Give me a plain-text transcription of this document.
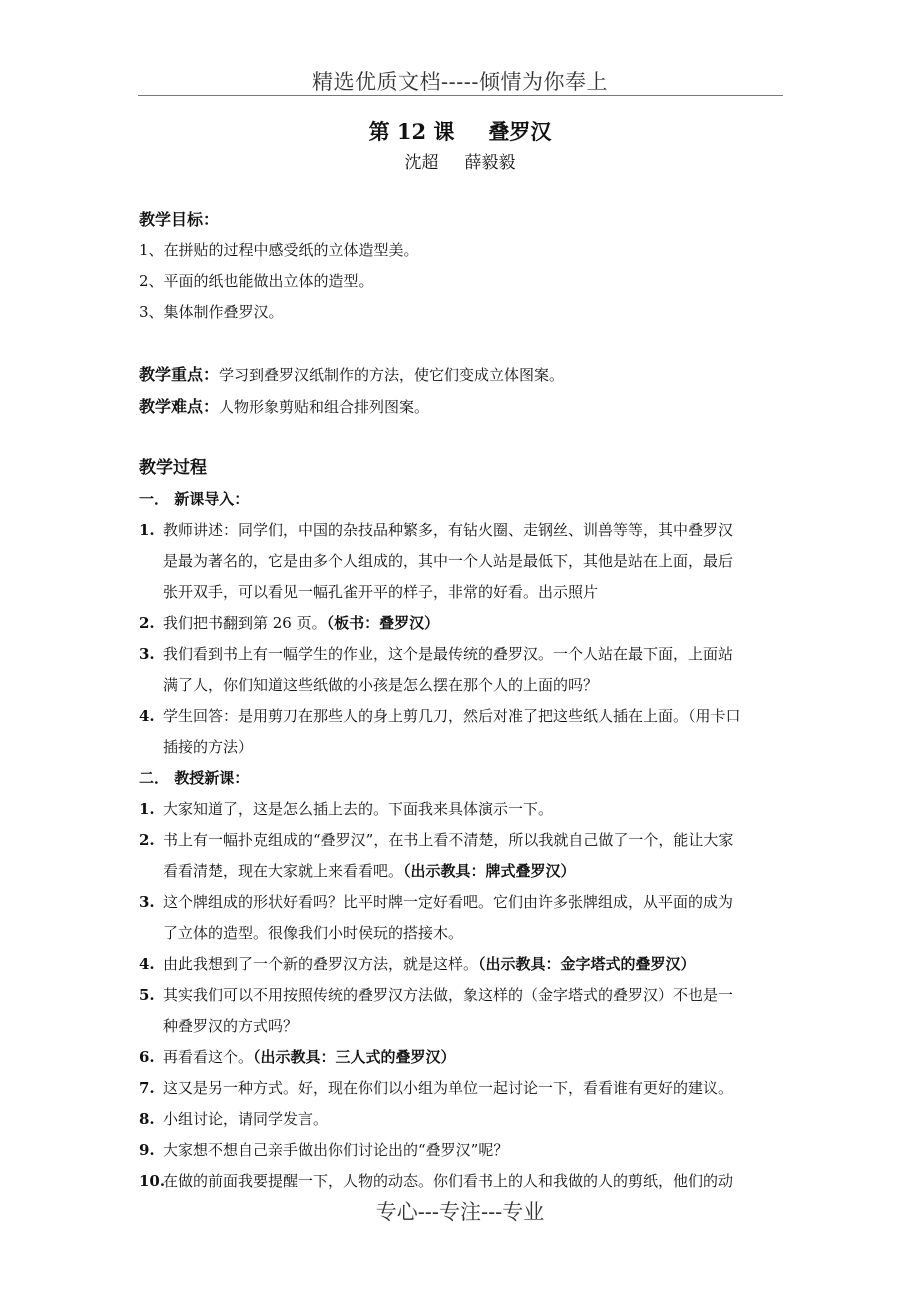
精选优质文档-----倾情为你奉上
第 12 课 叠罗汉
沈超 薛毅毅

教学目标：

1、在拼贴的过程中感受纸的立体造型美。

2、平面的纸也能做出立体的造型。

3、集体制作叠罗汉。

教学重点：学习到叠罗汉纸制作的方法，使它们变成立体图案。

教学难点：人物形象剪贴和组合排列图案。

教学过程

一． 新课导入：

1. 教师讲述：同学们，中国的杂技品种繁多，有钻火圈、走钢丝、训兽等等，其中叠罗汉

是最为著名的，它是由多个人组成的，其中一个人站是最低下，其他是站在上面，最后

张开双手，可以看见一幅孔雀开平的样子，非常的好看。出示照片

2. 我们把书翻到第 26 页。（板书：叠罗汉）

3. 我们看到书上有一幅学生的作业，这个是最传统的叠罗汉。一个人站在最下面，上面站

满了人，你们知道这些纸做的小孩是怎么摆在那个人的上面的吗？

4. 学生回答：是用剪刀在那些人的身上剪几刀，然后对准了把这些纸人插在上面。（用卡口

插接的方法）

二． 教授新课：

1. 大家知道了，这是怎么插上去的。下面我来具体演示一下。

2. 书上有一幅扑克组成的“叠罗汉”，在书上看不清楚，所以我就自己做了一个，能让大家

看看清楚，现在大家就上来看看吧。（出示教具：牌式叠罗汉）

3. 这个牌组成的形状好看吗？比平时牌一定好看吧。它们由许多张牌组成，从平面的成为

了立体的造型。很像我们小时侯玩的搭接木。

4. 由此我想到了一个新的叠罗汉方法，就是这样。（出示教具：金字塔式的叠罗汉）

5. 其实我们可以不用按照传统的叠罗汉方法做，象这样的（金字塔式的叠罗汉）不也是一

种叠罗汉的方式吗？

6. 再看看这个。（出示教具：三人式的叠罗汉）

7. 这又是另一种方式。好，现在你们以小组为单位一起讨论一下，看看谁有更好的建议。

8. 小组讨论，请同学发言。

9. 大家想不想自己亲手做出你们讨论出的“叠罗汉”呢？

10.

在做的前面我要提醒一下，人物的动态。你们看书上的人和我做的人的剪纸，他们的动

专心---专注---专业
